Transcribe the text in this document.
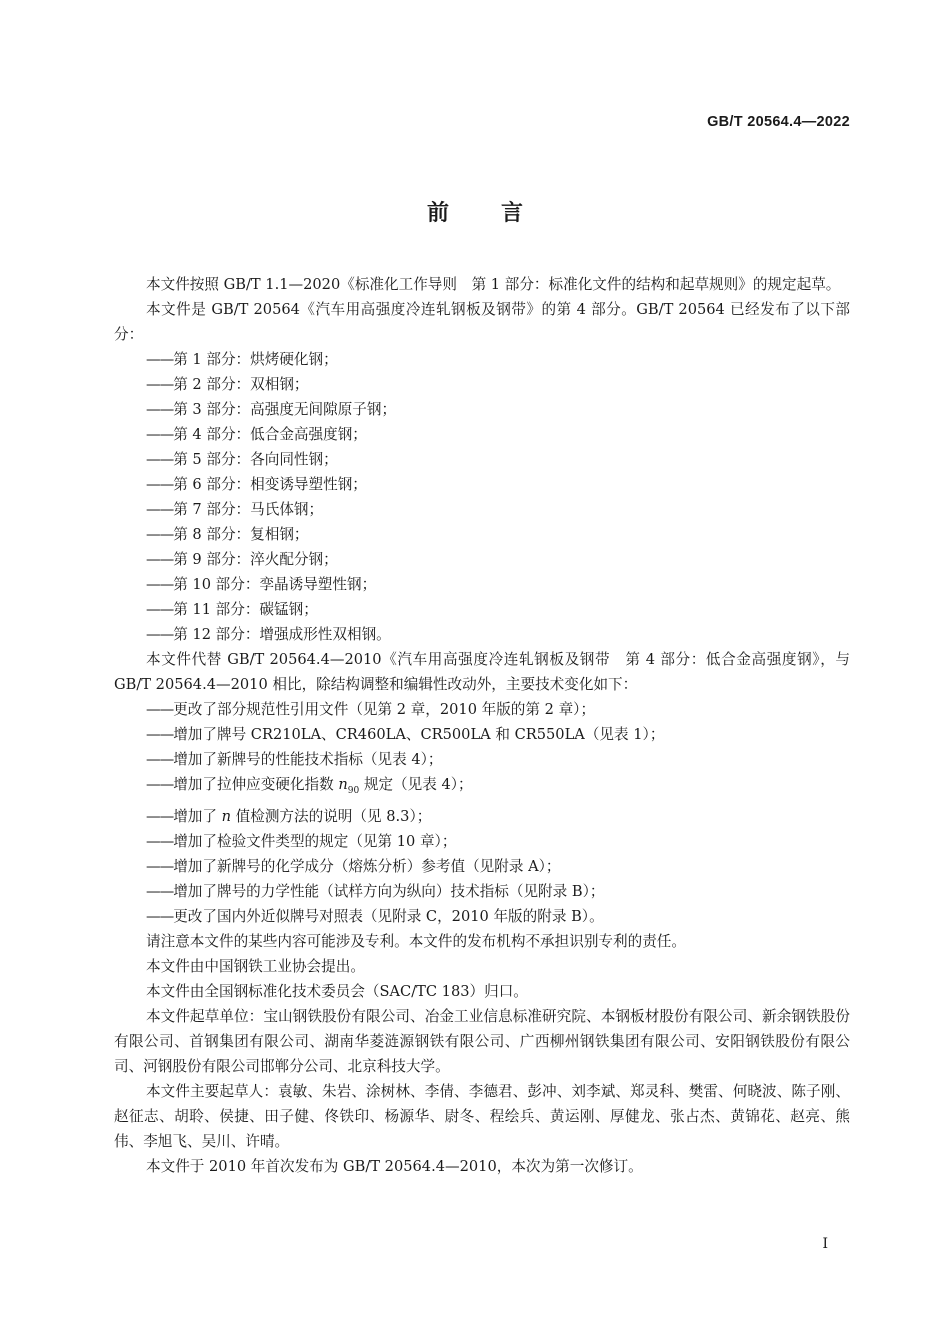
GB/T 20564.4—2022
前言

本文件按照 GB/T 1.1—2020《标准化工作导则　第 1 部分：标准化文件的结构和起草规则》的规定起草。

本文件是 GB/T 20564《汽车用高强度冷连轧钢板及钢带》的第 4 部分。GB/T 20564 已经发布了以下部分：

—— 第 1 部分：烘烤硬化钢；

—— 第 2 部分：双相钢；

—— 第 3 部分：高强度无间隙原子钢；

—— 第 4 部分：低合金高强度钢；

—— 第 5 部分：各向同性钢；

—— 第 6 部分：相变诱导塑性钢；

—— 第 7 部分：马氏体钢；

—— 第 8 部分：复相钢；

—— 第 9 部分：淬火配分钢；

—— 第 10 部分：孪晶诱导塑性钢；

—— 第 11 部分：碳锰钢；

—— 第 12 部分：增强成形性双相钢。

本文件代替 GB/T 20564.4—2010《汽车用高强度冷连轧钢板及钢带　第 4 部分：低合金高强度钢》，与 GB/T 20564.4—2010 相比，除结构调整和编辑性改动外，主要技术变化如下：

—— 更改了部分规范性引用文件（见第 2 章，2010 年版的第 2 章）；

—— 增加了牌号 CR210LA、CR460LA、CR500LA 和 CR550LA（见表 1）；

—— 增加了新牌号的性能技术指标（见表 4）；

—— 增加了拉伸应变硬化指数 $n_{90}$ 规定（见表 4）；

—— 增加了 n 值检测方法的说明（见 8.3）；

—— 增加了检验文件类型的规定（见第 10 章）；

—— 增加了新牌号的化学成分（熔炼分析）参考值（见附录 A）；

—— 增加了牌号的力学性能（试样方向为纵向）技术指标（见附录 B）；

—— 更改了国内外近似牌号对照表（见附录 C，2010 年版的附录 B）。

请注意本文件的某些内容可能涉及专利。本文件的发布机构不承担识别专利的责任。

本文件由中国钢铁工业协会提出。

本文件由全国钢标准化技术委员会（SAC/TC 183）归口。

本文件起草单位：宝山钢铁股份有限公司、冶金工业信息标准研究院、本钢板材股份有限公司、新余钢铁股份有限公司、首钢集团有限公司、湖南华菱涟源钢铁有限公司、广西柳州钢铁集团有限公司、安阳钢铁股份有限公司、河钢股份有限公司邯郸分公司、北京科技大学。

本文件主要起草人：袁敏、朱岩、涂树林、李倩、李德君、彭冲、刘李斌、郑灵科、樊雷、何晓波、陈子刚、赵征志、胡聆、侯捷、田子健、佟铁印、杨源华、尉冬、程绘兵、黄运刚、厚健龙、张占杰、黄锦花、赵亮、熊伟、李旭飞、吴川、许晴。

本文件于 2010 年首次发布为 GB/T 20564.4—2010，本次为第一次修订。

I
